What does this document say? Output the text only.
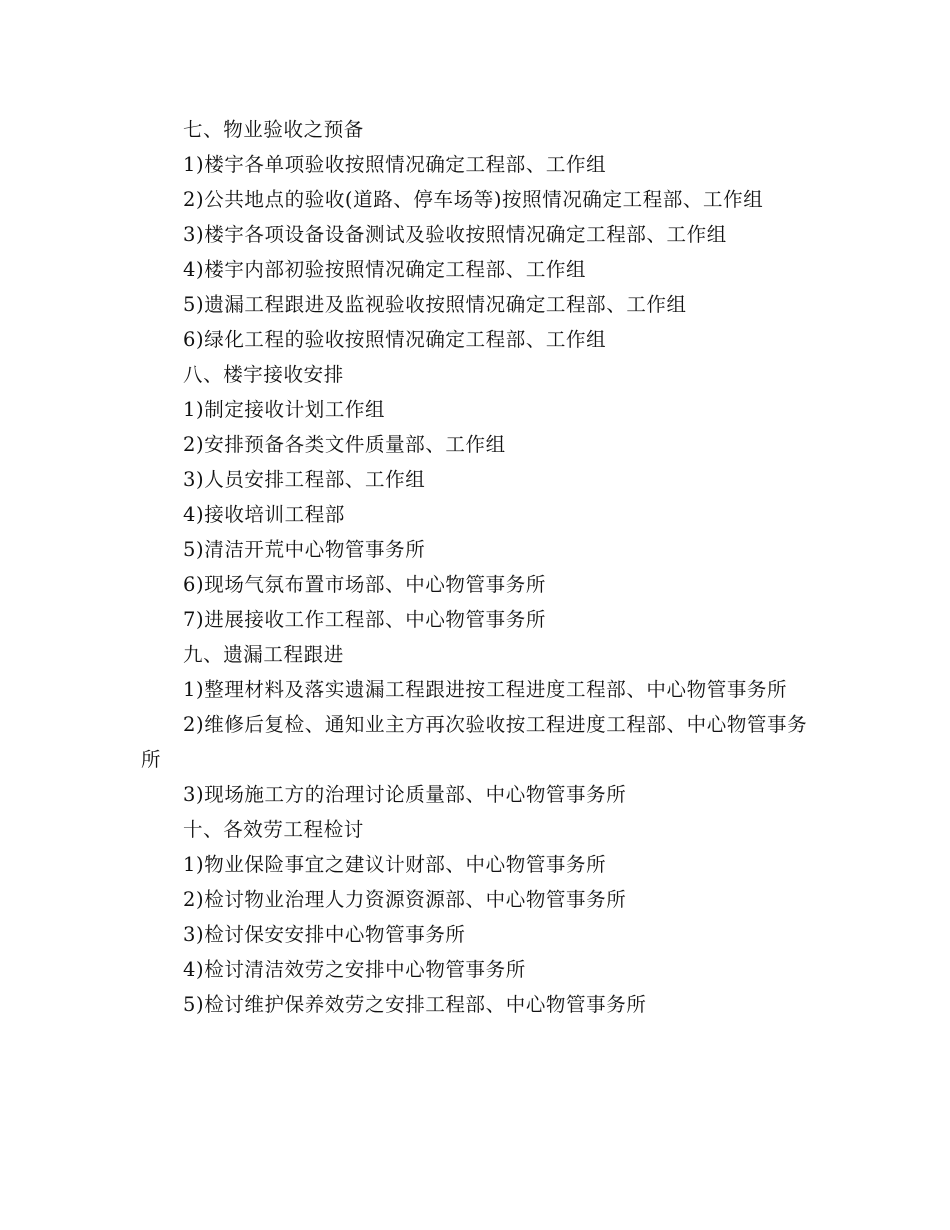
七、物业验收之预备

1)楼宇各单项验收按照情况确定工程部、工作组

2)公共地点的验收(道路、停车场等)按照情况确定工程部、工作组

3)楼宇各项设备设备测试及验收按照情况确定工程部、工作组

4)楼宇内部初验按照情况确定工程部、工作组

5)遗漏工程跟进及监视验收按照情况确定工程部、工作组

6)绿化工程的验收按照情况确定工程部、工作组

八、楼宇接收安排

1)制定接收计划工作组

2)安排预备各类文件质量部、工作组

3)人员安排工程部、工作组

4)接收培训工程部

5)清洁开荒中心物管事务所

6)现场气氛布置市场部、中心物管事务所

7)进展接收工作工程部、中心物管事务所

九、遗漏工程跟进

1)整理材料及落实遗漏工程跟进按工程进度工程部、中心物管事务所

2)维修后复检、通知业主方再次验收按工程进度工程部、中心物管事务所

3)现场施工方的治理讨论质量部、中心物管事务所

十、各效劳工程检讨

1)物业保险事宜之建议计财部、中心物管事务所

2)检讨物业治理人力资源资源部、中心物管事务所

3)检讨保安安排中心物管事务所

4)检讨清洁效劳之安排中心物管事务所

5)检讨维护保养效劳之安排工程部、中心物管事务所
